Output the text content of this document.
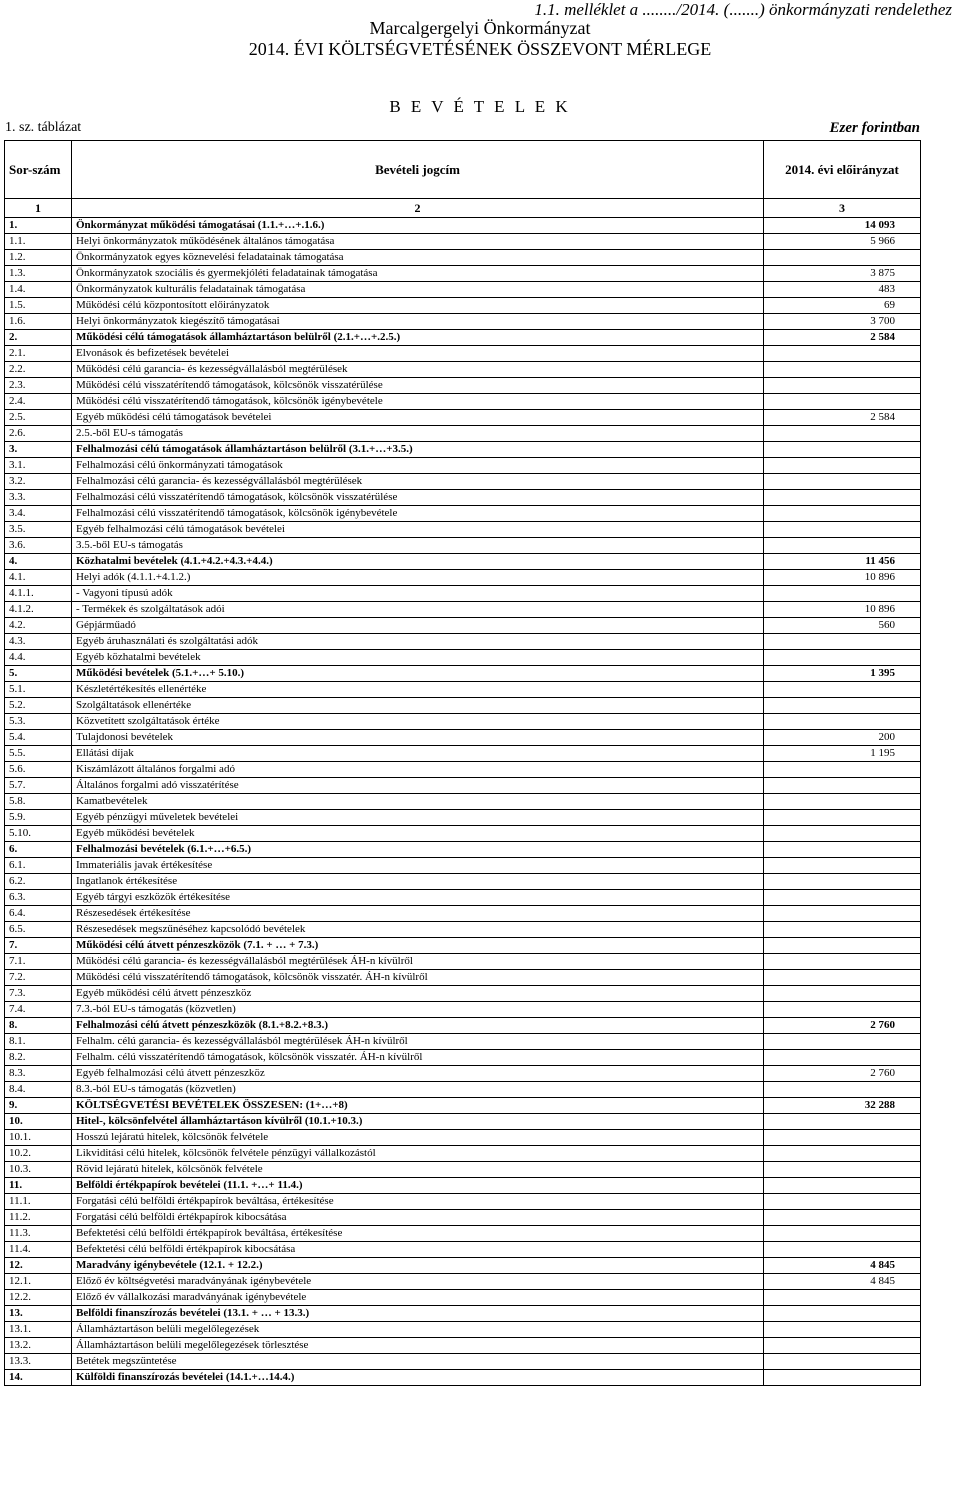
1.1. melléklet a ......../2014. (.......) önkormányzati rendelethez
Marcalgergelyi Önkormányzat
2014. ÉVI KÖLTSÉGVETÉSÉNEK ÖSSZEVONT MÉRLEGE
B E V É T E L E K
1. sz. táblázat	Ezer forintban
Sor-szám	Bevételi jogcím	2014. évi előirányzat
1	2	3
1.	Önkormányzat működési támogatásai (1.1.+…+.1.6.)	14 093
1.1.	Helyi önkormányzatok működésének általános támogatása	5 966
1.2.	Önkormányzatok egyes köznevelési feladatainak támogatása	
1.3.	Önkormányzatok szociális és gyermekjóléti feladatainak támogatása	3 875
1.4.	Önkormányzatok kulturális feladatainak támogatása	483
1.5.	Működési célú központosított előirányzatok	69
1.6.	Helyi önkormányzatok kiegészítő támogatásai	3 700
2.	Működési célú támogatások államháztartáson belülről (2.1.+…+.2.5.)	2 584
2.1.	Elvonások és befizetések bevételei	
2.2.	Működési célú garancia- és kezességvállalásból megtérülések	
2.3.	Működési célú visszatérítendő támogatások, kölcsönök visszatérülése	
2.4.	Működési célú visszatérítendő támogatások, kölcsönök igénybevétele	
2.5.	Egyéb működési célú támogatások bevételei	2 584
2.6.	2.5.-ből EU-s támogatás	
3.	Felhalmozási célú támogatások államháztartáson belülről (3.1.+…+3.5.)	
3.1.	Felhalmozási célú önkormányzati támogatások	
3.2.	Felhalmozási célú garancia- és kezességvállalásból megtérülések	
3.3.	Felhalmozási célú visszatérítendő támogatások, kölcsönök visszatérülése	
3.4.	Felhalmozási célú visszatérítendő támogatások, kölcsönök igénybevétele	
3.5.	Egyéb felhalmozási célú támogatások bevételei	
3.6.	3.5.-ből EU-s támogatás	
4.	Közhatalmi bevételek (4.1.+4.2.+4.3.+4.4.)	11 456
4.1.	Helyi adók (4.1.1.+4.1.2.)	10 896
4.1.1.	- Vagyoni típusú adók	
4.1.2.	- Termékek és szolgáltatások adói	10 896
4.2.	Gépjárműadó	560
4.3.	Egyéb áruhasználati és szolgáltatási adók	
4.4.	Egyéb közhatalmi bevételek	
5.	Működési bevételek (5.1.+…+ 5.10.)	1 395
5.1.	Készletértékesítés ellenértéke	
5.2.	Szolgáltatások ellenértéke	
5.3.	Közvetített szolgáltatások értéke	
5.4.	Tulajdonosi bevételek	200
5.5.	Ellátási díjak	1 195
5.6.	Kiszámlázott általános forgalmi adó	
5.7.	Általános forgalmi adó visszatérítése	
5.8.	Kamatbevételek	
5.9.	Egyéb pénzügyi műveletek bevételei	
5.10.	Egyéb működési bevételek	
6.	Felhalmozási bevételek (6.1.+…+6.5.)	
6.1.	Immateriális javak értékesítése	
6.2.	Ingatlanok értékesítése	
6.3.	Egyéb tárgyi eszközök értékesítése	
6.4.	Részesedések értékesítése	
6.5.	Részesedések megszűnéséhez kapcsolódó bevételek	
7.	Működési célú átvett pénzeszközök (7.1. + … + 7.3.)	
7.1.	Működési célú garancia- és kezességvállalásból megtérülések ÁH-n kívülről	
7.2.	Működési célú visszatérítendő támogatások, kölcsönök visszatér. ÁH-n kívülről	
7.3.	Egyéb működési célú átvett pénzeszköz	
7.4.	7.3.-ból EU-s támogatás (közvetlen)	
8.	Felhalmozási célú átvett pénzeszközök (8.1.+8.2.+8.3.)	2 760
8.1.	Felhalm. célú garancia- és kezességvállalásból megtérülések ÁH-n kívülről	
8.2.	Felhalm. célú visszatérítendő támogatások, kölcsönök visszatér. ÁH-n kívülről	
8.3.	Egyéb felhalmozási célú átvett pénzeszköz	2 760
8.4.	8.3.-ból EU-s támogatás (közvetlen)	
9.	KÖLTSÉGVETÉSI BEVÉTELEK ÖSSZESEN: (1+…+8)	32 288
10.	Hitel-, kölcsönfelvétel államháztartáson kívülről (10.1.+10.3.)	
10.1.	Hosszú lejáratú hitelek, kölcsönök felvétele	
10.2.	Likviditási célú hitelek, kölcsönök felvétele pénzügyi vállalkozástól	
10.3.	Rövid lejáratú hitelek, kölcsönök felvétele	
11.	Belföldi értékpapírok bevételei (11.1. +…+ 11.4.)	
11.1.	Forgatási célú belföldi értékpapírok beváltása, értékesítése	
11.2.	Forgatási célú belföldi értékpapírok kibocsátása	
11.3.	Befektetési célú belföldi értékpapírok beváltása, értékesítése	
11.4.	Befektetési célú belföldi értékpapírok kibocsátása	
12.	Maradvány igénybevétele (12.1. + 12.2.)	4 845
12.1.	Előző év költségvetési maradványának igénybevétele	4 845
12.2.	Előző év vállalkozási maradványának igénybevétele	
13.	Belföldi finanszírozás bevételei (13.1. + … + 13.3.)	
13.1.	Államháztartáson belüli megelőlegezések	
13.2.	Államháztartáson belüli megelőlegezések törlesztése	
13.3.	Betétek megszüntetése	
14.	Külföldi finanszírozás bevételei (14.1.+…14.4.)	
